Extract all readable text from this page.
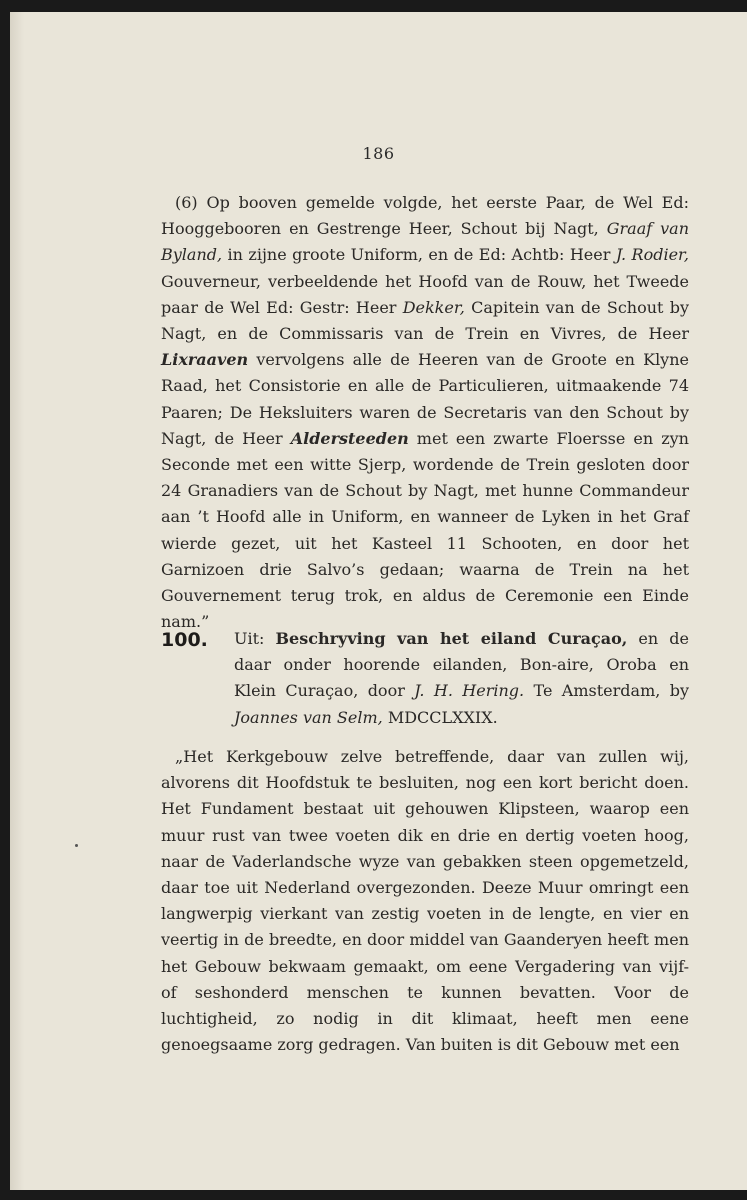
186

(6) Op booven gemelde volgde, het eerste Paar, de Wel Ed: Hooggebooren en Gestrenge Heer, Schout bij Nagt, Graaf van Byland, in zijne groote Uniform, en de Ed: Achtb: Heer J. Rodier, Gouverneur, verbeeldende het Hoofd van de Rouw, het Tweede paar de Wel Ed: Gestr: Heer Dekker, Capitein van de Schout by Nagt, en de Commissaris van de Trein en Vivres, de Heer Lixraaven vervolgens alle de Heeren van de Groote en Klyne Raad, het Consistorie en alle de Particulieren, uitmaakende 74 Paaren; De Heksluiters waren de Secretaris van den Schout by Nagt, de Heer Aldersteeden met een zwarte Floersse en zyn Seconde met een witte Sjerp, wordende de Trein gesloten door 24 Granadiers van de Schout by Nagt, met hunne Commandeur aan ’t Hoofd alle in Uniform, en wanneer de Lyken in het Graf wierde gezet, uit het Kasteel 11 Schooten, en door het Garnizoen drie Salvo’s gedaan; waarna de Trein na het Gouvernement terug trok, en aldus de Ceremonie een Einde nam.”

100.	Uit: Beschryving van het eiland Curaçao, en de daar onder hoorende eilanden, Bon-aire, Oroba en Klein Curaçao, door J. H. Hering. Te Amsterdam, by Joannes van Selm, MDCCLXXIX.

„Het Kerkgebouw zelve betreffende, daar van zullen wij, alvorens dit Hoofdstuk te besluiten, nog een kort bericht doen. Het Fundament bestaat uit gehouwen Klipsteen, waarop een muur rust van twee voeten dik en drie en dertig voeten hoog, naar de Vaderlandsche wyze van gebakken steen opgemetzeld, daar toe uit Nederland overgezonden. Deeze Muur omringt een langwerpig vierkant van zestig voeten in de lengte, en vier en veertig in de breedte, en door middel van Gaanderyen heeft men het Gebouw bekwaam gemaakt, om eene Vergadering van vijf- of seshonderd menschen te kunnen bevatten. Voor de luchtigheid, zo nodig in dit klimaat, heeft men eene genoegsaame zorg gedragen. Van buiten is dit Gebouw met een
